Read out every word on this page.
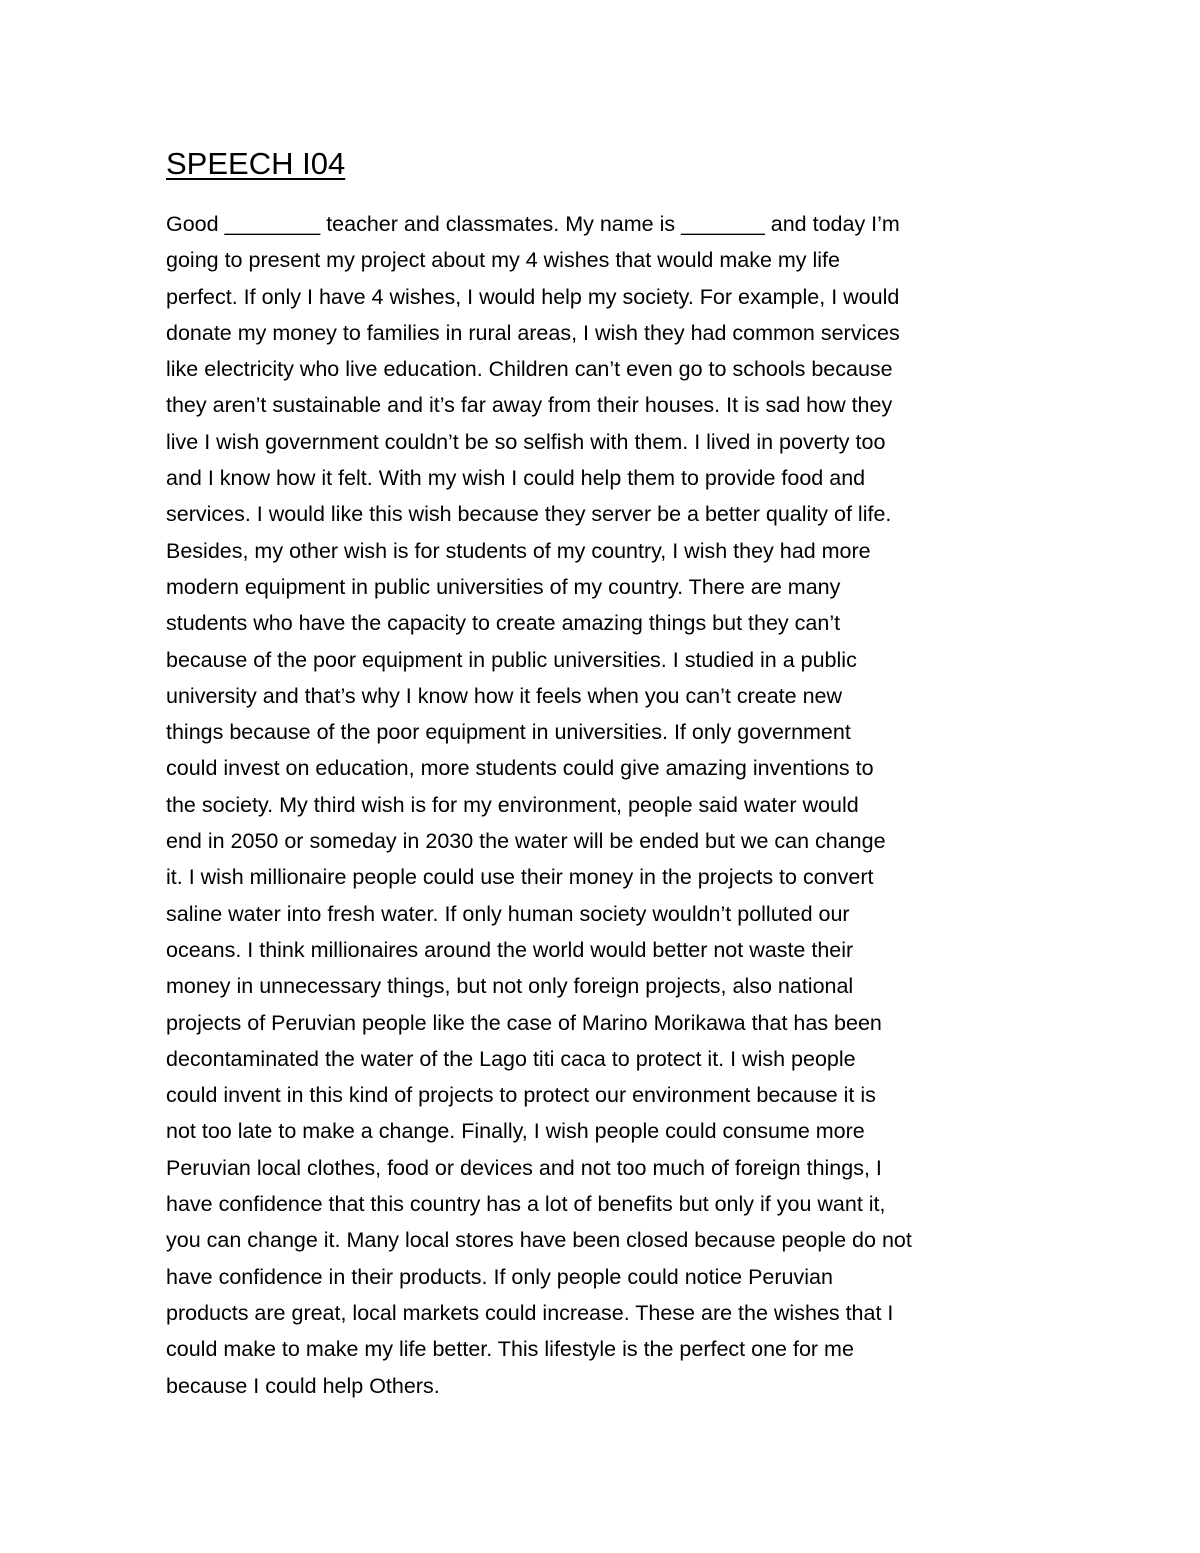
SPEECH I04
Good ________ teacher and classmates. My name is _______ and today I’m
going to present my project about my 4 wishes that would make my life
perfect. If only I have 4 wishes, I would help my society. For example, I would
donate my money to families in rural areas, I wish they had common services
like electricity who live education. Children can’t even go to schools because
they aren’t sustainable and it’s far away from their houses. It is sad how they
live I wish government couldn’t be so selfish with them. I lived in poverty too
and I know how it felt. With my wish I could help them to provide food and
services. I would like this wish because they server be a better quality of life.
Besides, my other wish is for students of my country, I wish they had more
modern equipment in public universities of my country. There are many
students who have the capacity to create amazing things but they can’t
because of the poor equipment in public universities. I studied in a public
university and that’s why I know how it feels when you can’t create new
things because of the poor equipment in universities. If only government
could invest on education, more students could give amazing inventions to
the society. My third wish is for my environment, people said water would
end in 2050 or someday in 2030 the water will be ended but we can change
it. I wish millionaire people could use their money in the projects to convert
saline water into fresh water. If only human society wouldn’t polluted our
oceans. I think millionaires around the world would better not waste their
money in unnecessary things, but not only foreign projects, also national
projects of Peruvian people like the case of Marino Morikawa that has been
decontaminated the water of the Lago titi caca to protect it. I wish people
could invent in this kind of projects to protect our environment because it is
not too late to make a change. Finally, I wish people could consume more
Peruvian local clothes, food or devices and not too much of foreign things, I
have confidence that this country has a lot of benefits but only if you want it,
you can change it. Many local stores have been closed because people do not
have confidence in their products. If only people could notice Peruvian
products are great, local markets could increase. These are the wishes that I
could make to make my life better. This lifestyle is the perfect one for me
because I could help Others.
